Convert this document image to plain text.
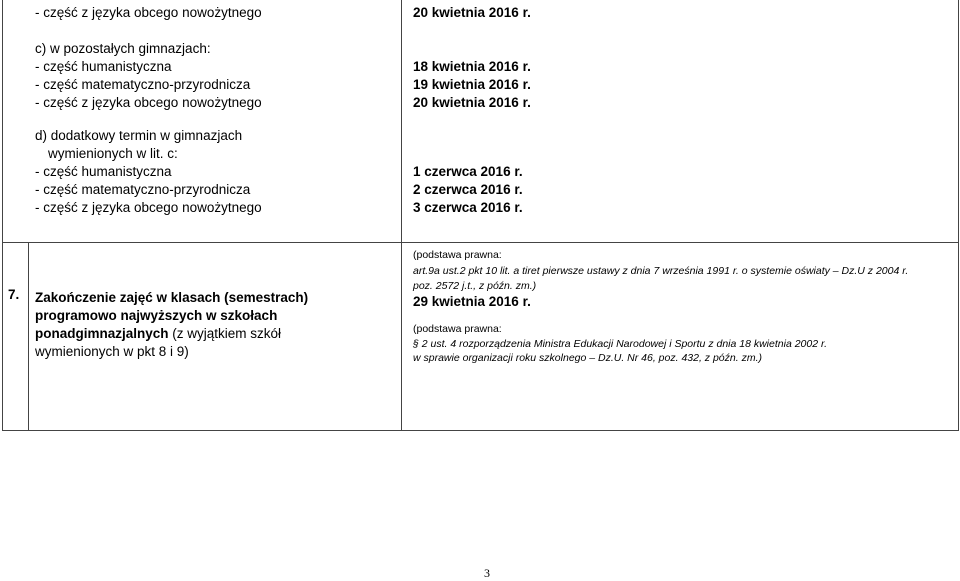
- część z języka obcego nowożytnego
c) w pozostałych gimnazjach:
- część humanistyczna
- część matematyczno-przyrodnicza
- część z języka obcego nowożytnego
d) dodatkowy termin w gimnazjach
wymienionych w lit. c:
- część humanistyczna
- część matematyczno-przyrodnicza
- część z języka obcego nowożytnego
20 kwietnia 2016 r.
18 kwietnia 2016 r.
19 kwietnia 2016 r.
20 kwietnia 2016 r.
1 czerwca 2016 r.
2 czerwca 2016 r.
3 czerwca 2016 r.
7. Zakończenie zajęć w klasach (semestrach)
programowo najwyższych w szkołach
ponadgimnazjalnych (z wyjątkiem szkół
wymienionych w pkt 8 i 9)
(podstawa prawna:
art.9a ust.2 pkt 10 lit. a tiret pierwsze ustawy z dnia 7 września 1991 r. o systemie oświaty – Dz.U z 2004 r.
poz. 2572 j.t., z późn. zm.)
29 kwietnia 2016 r.
(podstawa prawna:
§ 2 ust. 4 rozporządzenia Ministra Edukacji Narodowej i Sportu z dnia 18 kwietnia 2002 r.
w sprawie organizacji roku szkolnego – Dz.U. Nr 46, poz. 432, z późn. zm.)
3
